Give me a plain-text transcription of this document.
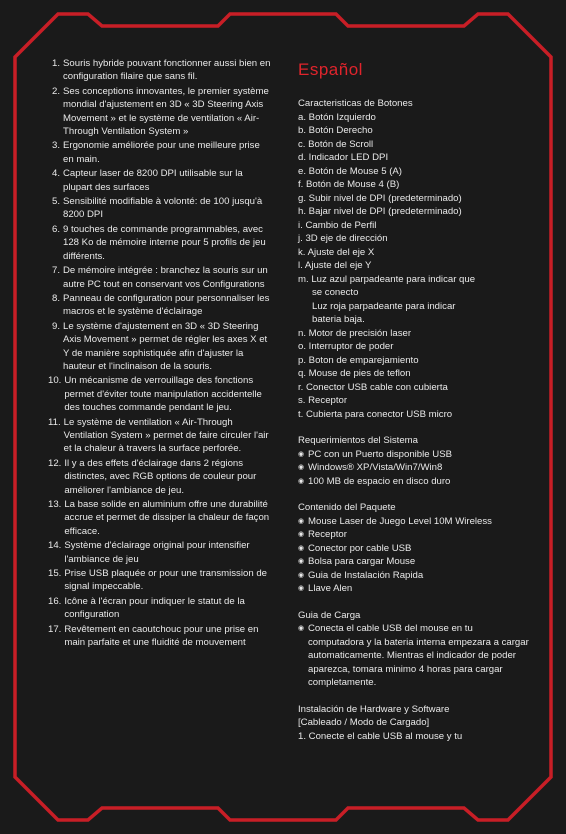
1. Souris hybride pouvant fonctionner aussi bien en configuration filaire que sans fil.
2. Ses conceptions innovantes, le premier système mondial d'ajustement en 3D « 3D Steering Axis Movement » et le système de ventilation « Air-Through Ventilation System »
3. Ergonomie améliorée pour une meilleure prise en main.
4. Capteur laser de 8200 DPI utilisable sur la plupart des surfaces
5. Sensibilité modifiable à volonté: de 100 jusqu'à 8200 DPI
6. 9 touches de commande programmables, avec 128 Ko de mémoire interne pour 5 profils de jeu différents.
7. De mémoire intégrée : branchez la souris sur un autre PC tout en conservant vos Configurations
8. Panneau de configuration pour personnaliser les macros et le système d'éclairage
9. Le système d'ajustement en 3D « 3D Steering Axis Movement » permet de régler les axes X et Y de manière sophistiquée afin d'ajuster la hauteur et l'inclinaison de la souris.
10. Un mécanisme de verrouillage des fonctions permet d'éviter toute manipulation accidentelle des touches commande pendant le jeu.
11. Le système de ventilation « Air-Through Ventilation System » permet de faire circuler l'air et la chaleur à travers la surface perforée.
12. Il y a des effets d'éclairage dans 2 régions distinctes, avec RGB options de couleur pour améliorer l'ambiance de jeu.
13. La base solide en aluminium offre une durabilité accrue et permet de dissiper la chaleur de façon efficace.
14. Système d'éclairage original pour intensifier l'ambiance de jeu
15. Prise USB plaquée or pour une transmission de signal impeccable.
16. Icône à l'écran pour indiquer le statut de la configuration
17. Revêtement en caoutchouc pour une prise en main parfaite et une fluidité de mouvement
Español
Caracteristicas de Botones
a. Botón Izquierdo
b. Botón Derecho
c. Botón de Scroll
d. Indicador LED DPI
e. Botón de Mouse 5 (A)
f. Botón de Mouse 4 (B)
g. Subir nivel de DPI (predeterminado)
h. Bajar nivel de DPI (predeterminado)
i. Cambio de Perfil
j. 3D eje de dirección
k. Ajuste del eje X
l. Ajuste del eje Y
m. Luz azul parpadeante para indicar que
se conecto
Luz roja parpadeante para indicar
bateria baja.
n. Motor de precisión laser
o. Interruptor de poder
p. Boton de emparejamiento
q. Mouse de pies de teflon
r. Conector USB cable con cubierta
s. Receptor
t. Cubierta para conector USB micro
Requerimientos del Sistema
◉ PC con un Puerto disponible USB
◉ Windows® XP/Vista/Win7/Win8
◉ 100 MB de espacio en disco duro
Contenido del Paquete
◉ Mouse Laser de Juego Level 10M Wireless
◉ Receptor
◉ Conector por cable USB
◉ Bolsa para cargar Mouse
◉ Guia de Instalación Rapida
◉ Llave Alen
Guia de Carga
◉ Conecta el cable USB del mouse en tu computadora y la bateria interna empezara a cargar automaticamente. Mientras el indicador de poder aparezca, tomara minimo 4 horas para cargar completamente.
Instalación de Hardware y Software
[Cableado / Modo de Cargado]
1. Conecte el cable USB al mouse y tu
